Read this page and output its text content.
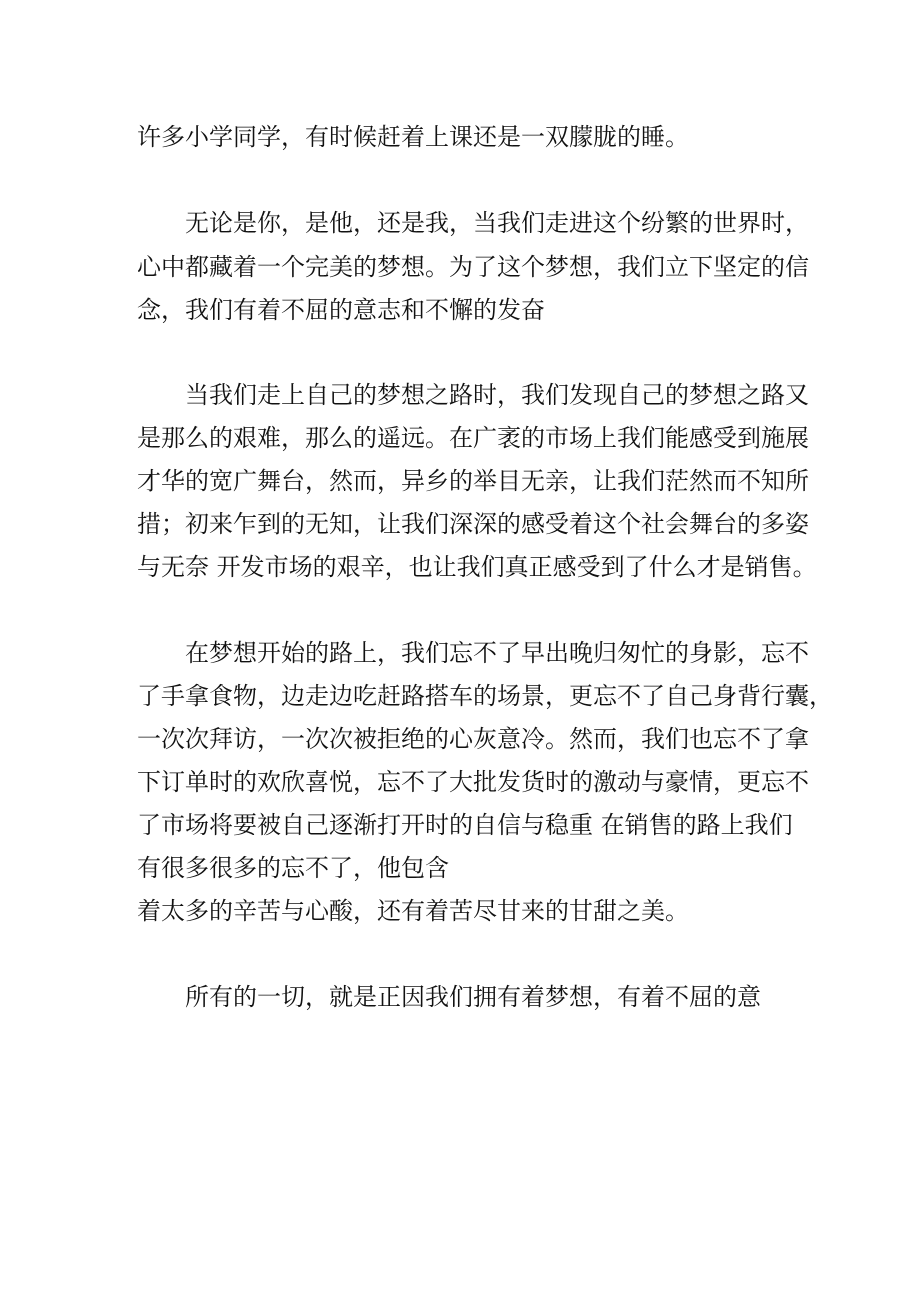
许多小学同学，有时候赶着上课还是一双朦胧的睡。
无论是你，是他，还是我，当我们走进这个纷繁的世界时，
心中都藏着一个完美的梦想。为了这个梦想，我们立下坚定的信
念，我们有着不屈的意志和不懈的发奋
当我们走上自己的梦想之路时，我们发现自己的梦想之路又
是那么的艰难，那么的遥远。在广袤的市场上我们能感受到施展
才华的宽广舞台，然而，异乡的举目无亲，让我们茫然而不知所
措；初来乍到的无知，让我们深深的感受着这个社会舞台的多姿
与无奈 开发市场的艰辛，也让我们真正感受到了什么才是销售。
在梦想开始的路上，我们忘不了早出晚归匆忙的身影，忘不
了手拿食物，边走边吃赶路搭车的场景，更忘不了自己身背行囊，
一次次拜访，一次次被拒绝的心灰意冷。然而，我们也忘不了拿
下订单时的欢欣喜悦，忘不了大批发货时的激动与豪情，更忘不
了市场将要被自己逐渐打开时的自信与稳重 在销售的路上我们
有很多很多的忘不了，他包含
着太多的辛苦与心酸，还有着苦尽甘来的甘甜之美。
所有的一切，就是正因我们拥有着梦想，有着不屈的意
